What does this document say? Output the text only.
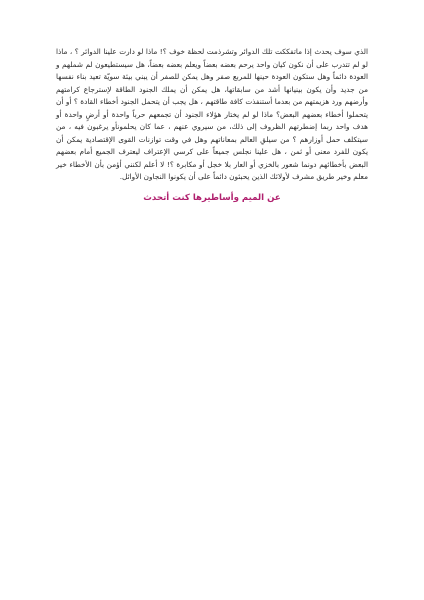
الذي سوف يحدث إذا ماتفككت تلك الدوائر وتشرذمت لحظة خوف ؟! ماذا لو دارت علينا الدوائر ؟ ، ماذا لو لم تتدرب على أن نكون كيان واحد يرحم بعضه بعضاً ويعلم بعضه بعضاً، هل سيستطيعون لم شملهم و العودة دائماً وهل ستكون العودة حينها للمربع صفر وهل يمكن للصفر أن يبني بيئة سويّة تعيد بناء نفسها من جديد وأن يكون بينيانها أشد من سابقاتها، هل يمكن أن يملك الجنود الطاقة لإسترجاع كرامتهم وأرضهم ورد هزيمتهم من بعدما أستنفذت كافة طاقتهم ، هل يجب أن يتحمل الجنود أخطاء القادة ؟ أو أن يتحملوا أخطاء بعضهم البعض؟ ماذا لو لم يختار هؤلاء الجنود أن تجمعهم حرباً واحدة أو أرضٍ واحدة أو هدف واحد ربما إضطرتهم الظروف إلى ذلك، من سيروي عنهم ، عما كان يحلمونأو يرغبون فيه ، من سيتكلف حمل أوزارهم ؟ من سيلقِ العالم بمعاناتهم وهل في وقت توازنات القوى الإقتصادية يمكن أن يكون للفرد معنى أو ثمن ، هل علينا نجلس جميعاً على كرسي الإعتراف ليعترف الجميع أمام بعضهم البعض بأخطائهم دونما شعور بالخزي أو العار بلا خجل أو مكابرة ؟! لا أعلم لكنني أؤمن بأن الأخطاء خير معلم وخير طريق مشرف لأولائك الذين يحبئون دائماً على أن يكونوا النجاون الأوائل.

عن الميم وأساطيرها كنت أتحدث
